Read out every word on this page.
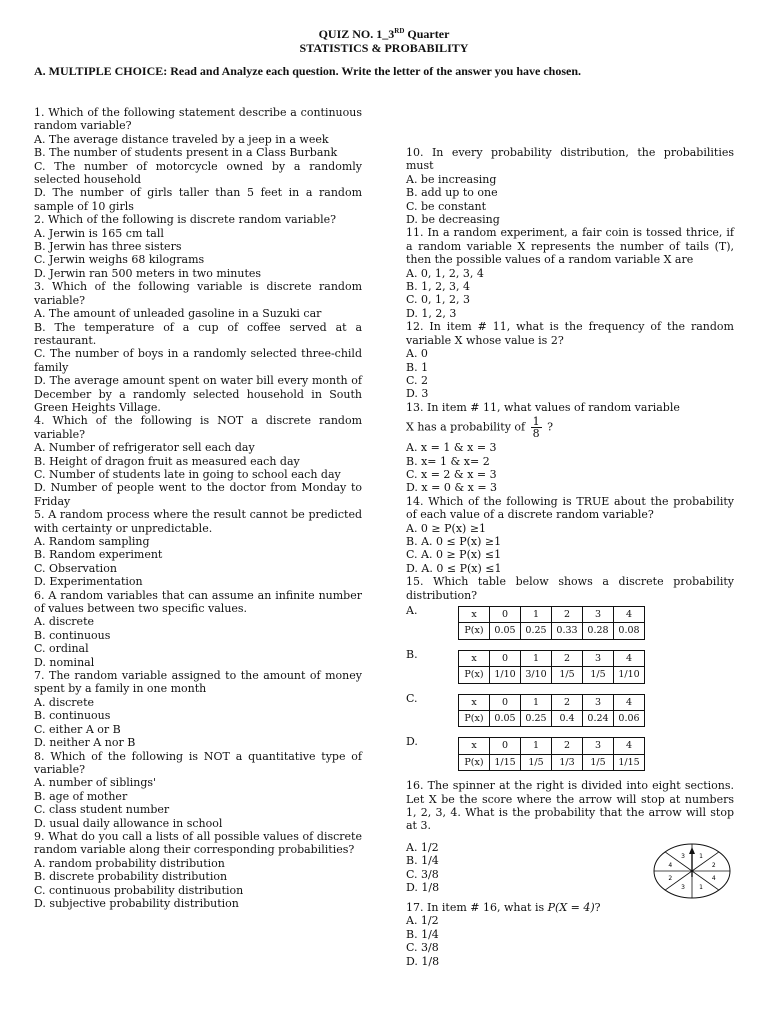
QUIZ NO. 1_3RD Quarter
STATISTICS & PROBABILITY
A. MULTIPLE CHOICE: Read and Analyze each question. Write the letter of the answer you have chosen.

1. Which of the following statement describe a continuous random variable?

A. The average distance traveled by a jeep in a week

B. The number of students present in a Class Burbank

C. The number of motorcycle owned by a randomly selected household

D. The number of girls taller than 5 feet in a random sample of 10 girls

2. Which of the following is discrete random variable?

A. Jerwin is 165 cm tall

B. Jerwin has three sisters

C. Jerwin weighs 68 kilograms

D. Jerwin ran 500 meters in two minutes

3. Which of the following variable is discrete random variable?

A. The amount of unleaded gasoline in a Suzuki car

B. The temperature of a cup of coffee served at a restaurant.

C. The number of boys in a randomly selected three-child family

D. The average amount spent on water bill every month of December by a randomly selected household in South Green Heights Village.

4. Which of the following is NOT a discrete random variable?

A. Number of refrigerator sell each day

B. Height of dragon fruit as measured each day

C. Number of students late in going to school each day

D. Number of people went to the doctor from Monday to Friday

5. A random process where the result cannot be predicted with certainty or unpredictable.

A. Random sampling

B. Random experiment

C. Observation

D. Experimentation

6. A random variables that can assume an infinite number of values between two specific values.

A. discrete

B. continuous

C. ordinal

D. nominal

7. The random variable assigned to the amount of money spent by a family in one month

A. discrete

B. continuous

C. either A or B

D. neither A nor B

8. Which of the following is NOT a quantitative type of variable?

A. number of siblings'

B. age of mother

C. class student number

D. usual daily allowance in school

9. What do you call a lists of all possible values of discrete random variable along their corresponding probabilities?

A. random probability distribution

B. discrete probability distribution

C. continuous probability distribution

D. subjective probability distribution

10. In every probability distribution, the probabilities must

A. be increasing

B. add up to one

C. be constant

D. be decreasing

11. In a random experiment, a fair coin is tossed thrice, if a random variable X represents the number of tails (T), then the possible values of a random variable X are

A. 0, 1, 2, 3, 4

B. 1, 2, 3, 4

C. 0, 1, 2, 3

D. 1, 2, 3

12. In item # 11, what is the frequency of the random variable X whose value is 2?

A. 0

B. 1

C. 2

D. 3

13. In item # 11, what values of random variable

X has a probability of $\frac{1}{8}$ ?

A. x = 1 & x = 3

B. x= 1 & x= 2

C. x = 2 & x = 3

D. x = 0 & x = 3

14. Which of the following is TRUE about the probability of each value of a discrete random variable?

A. 0 ≥ P(x) ≥1

B. A. 0 ≤ P(x) ≥1

C. A. 0 ≥ P(x) ≤1

D. A. 0 ≤ P(x) ≤1

15. Which table below shows a discrete probability distribution?

A.	x	0	1	2	3	4
P(x)	0.05	0.25	0.33	0.28	0.08
B.	x	0	1	2	3	4
P(x)	1/10	3/10	1/5	1/5	1/10
C.	x	0	1	2	3	4
P(x)	0.05	0.25	0.4	0.24	0.06
D.	x	0	1	2	3	4
P(x)	1/15	1/5	1/3	1/5	1/15

16. The spinner at the right is divided into eight sections. Let X be the score where the arrow will stop at numbers 1, 2, 3, 4. What is the probability that the arrow will stop at 3.

A. 1/2

B. 1/4

C. 3/8

D. 1/8

1
2
4
1
3
2
4
3

17. In item # 16, what is P(X = 4)?

A. 1/2

B. 1/4

C. 3/8

D. 1/8
